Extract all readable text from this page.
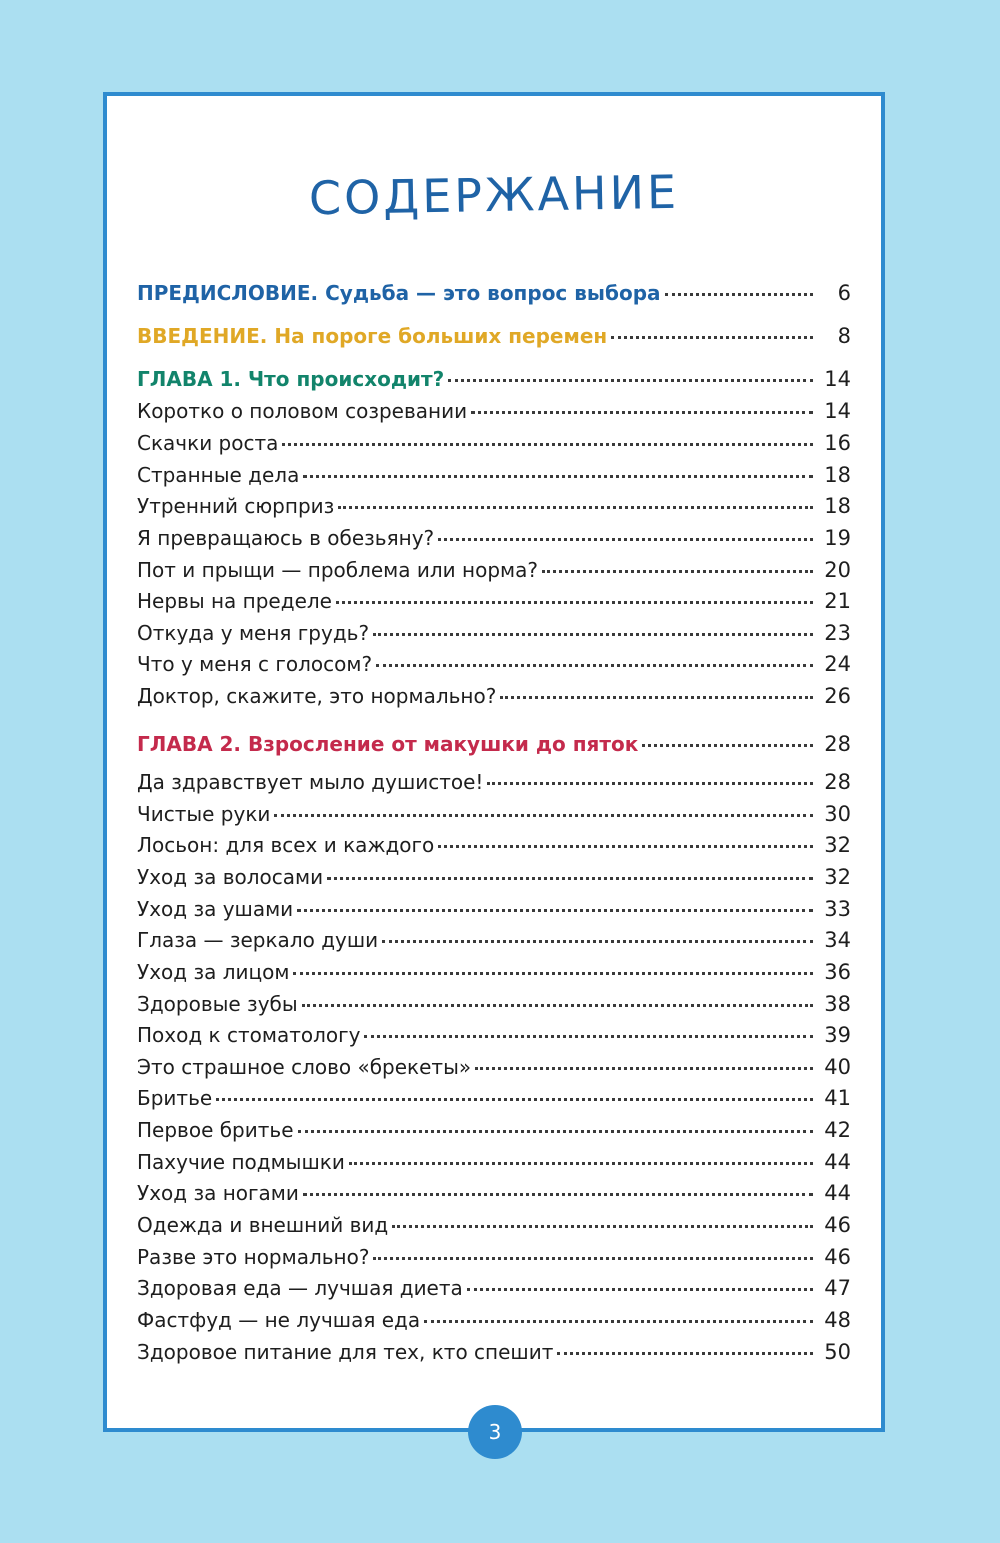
СОДЕРЖАНИЕ
ПРЕДИСЛОВИЕ. Судьба — это вопрос выбора	6
ВВЕДЕНИЕ. На пороге больших перемен	8
ГЛАВА 1. Что происходит?	14
Коротко о половом созревании	14
Скачки роста	16
Странные дела	18
Утренний сюрприз	18
Я превращаюсь в обезьяну?	19
Пот и прыщи — проблема или норма?	20
Нервы на пределе	21
Откуда у меня грудь?	23
Что у меня с голосом?	24
Доктор, скажите, это нормально?	26
ГЛАВА 2. Взросление от макушки до пяток	28
Да здравствует мыло душистое!	28
Чистые руки	30
Лосьон: для всех и каждого	32
Уход за волосами	32
Уход за ушами	33
Глаза — зеркало души	34
Уход за лицом	36
Здоровые зубы	38
Поход к стоматологу	39
Это страшное слово «брекеты»	40
Бритье	41
Первое бритье	42
Пахучие подмышки	44
Уход за ногами	44
Одежда и внешний вид	46
Разве это нормально?	46
Здоровая еда — лучшая диета	47
Фастфуд — не лучшая еда	48
Здоровое питание для тех, кто спешит	50
3
